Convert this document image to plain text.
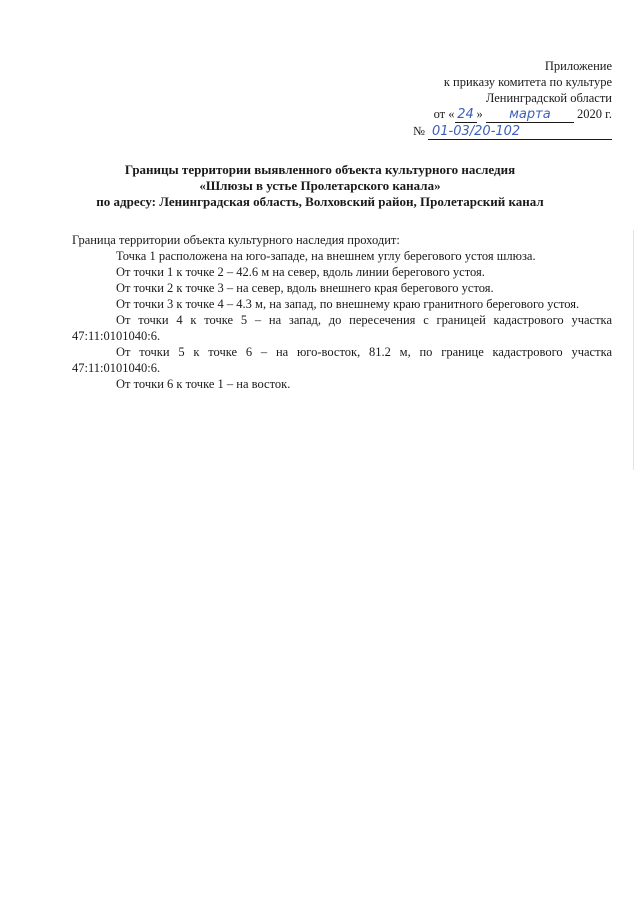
Приложение
к приказу комитета по культуре
Ленинградской области
от « 24 » марта 2020 г.
№ 01-03/20-102
Границы территории выявленного объекта культурного наследия
«Шлюзы в устье Пролетарского канала»
по адресу: Ленинградская область, Волховский район, Пролетарский канал

Граница территории объекта культурного наследия проходит:

Точка 1 расположена на юго-западе, на внешнем углу берегового устоя шлюза.

От точки 1 к точке 2 – 42.6 м на север, вдоль линии берегового устоя.

От точки 2 к точке 3 – на север, вдоль внешнего края берегового устоя.

От точки 3 к точке 4 – 4.3 м, на запад, по внешнему краю гранитного берегового устоя.

От точки 4 к точке 5 – на запад, до пересечения с границей кадастрового участка 47:11:0101040:6.

От точки 5 к точке 6 – на юго-восток, 81.2 м, по границе кадастрового участка 47:11:0101040:6.

От точки 6 к точке 1 – на восток.
